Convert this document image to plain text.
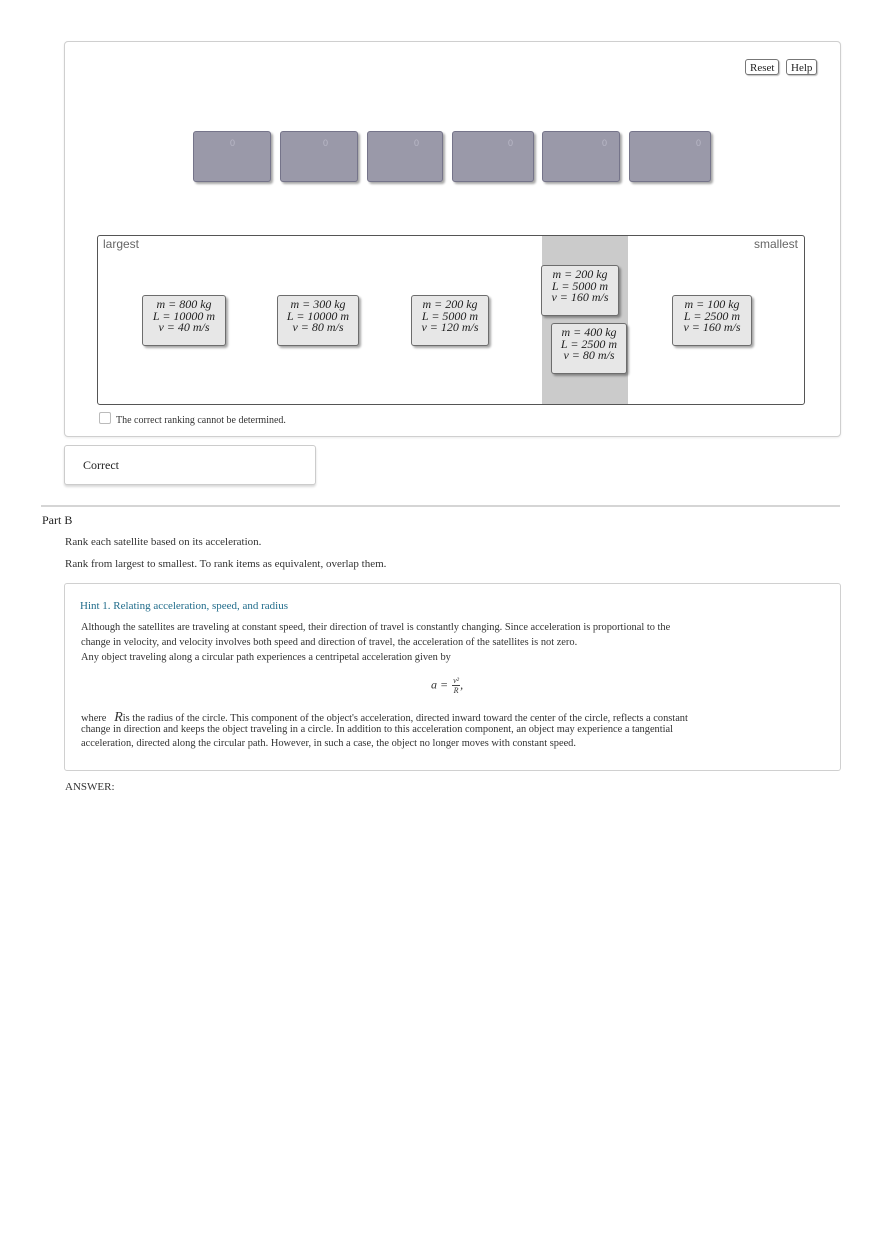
Reset	Help
0	0	0	0	0	0
largest	smallest
m = 800 kg
L = 10000 m
v = 40 m/s
m = 300 kg
L = 10000 m
v = 80 m/s
m = 200 kg
L = 5000 m
v = 120 m/s
m = 200 kg
L = 5000 m
v = 160 m/s
m = 400 kg
L = 2500 m
v = 80 m/s
m = 100 kg
L = 2500 m
v = 160 m/s
The correct ranking cannot be determined.
Correct
Part B
Rank each satellite based on its acceleration.
Rank from largest to smallest. To rank items as equivalent, overlap them.
Hint 1. Relating acceleration, speed, and radius
Although the satellites are traveling at constant speed, their direction of travel is constantly changing. Since acceleration is proportional to the
change in velocity, and velocity involves both speed and direction of travel, the acceleration of the satellites is not zero.
Any object traveling along a circular path experiences a centripetal acceleration given by
$a = \frac{\text{v²}}{R}$ ,
where Ris the radius of the circle. This component of the object's acceleration, directed inward toward the center of the circle, reflects a constant
change in direction and keeps the object traveling in a circle. In addition to this acceleration component, an object may experience a tangential
acceleration, directed along the circular path. However, in such a case, the object no longer moves with constant speed.
ANSWER:
